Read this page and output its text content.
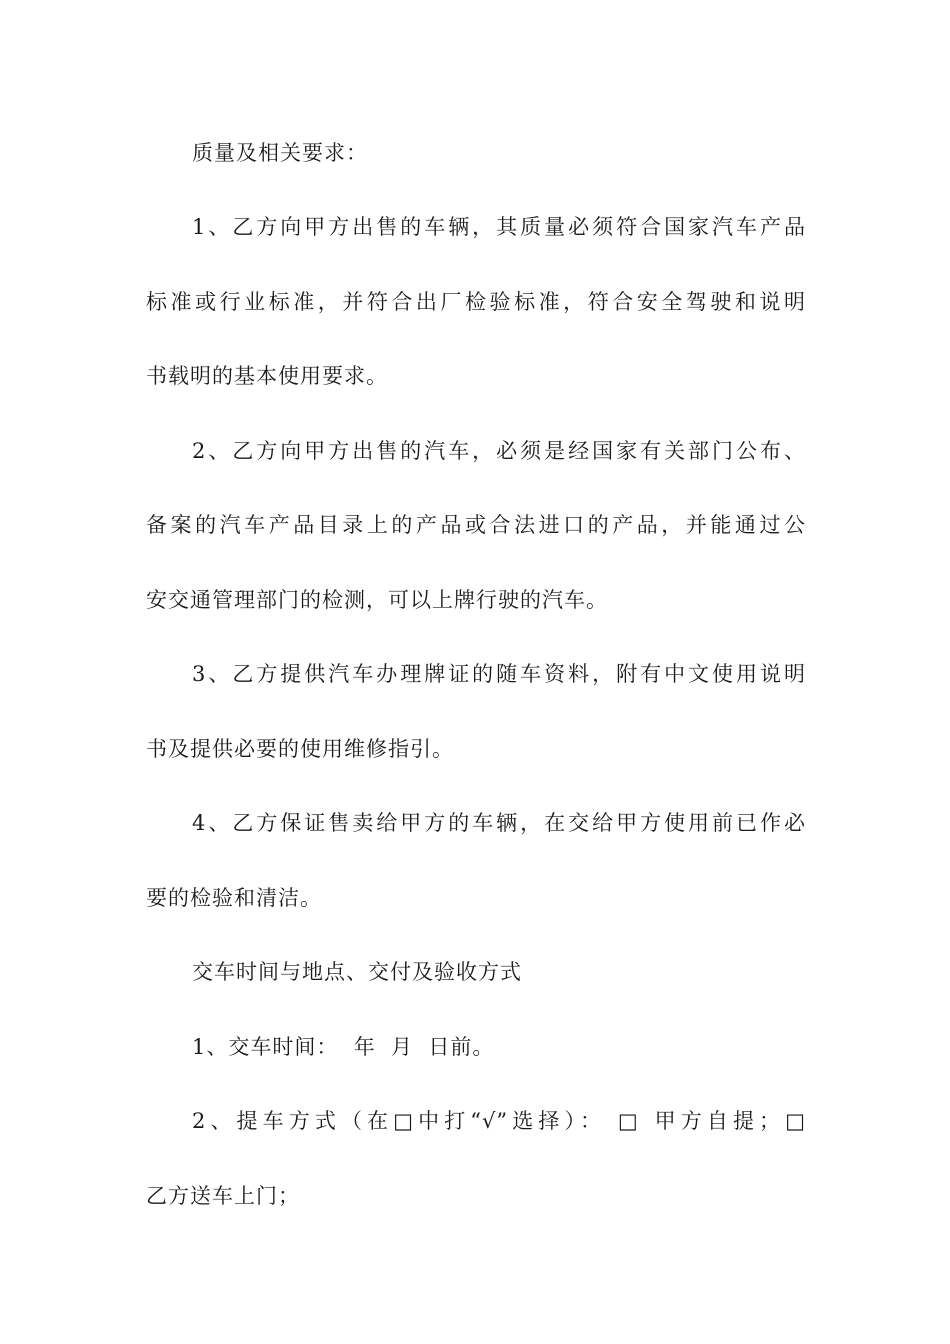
质量及相关要求：
1、乙方向甲方出售的车辆，其质量必须符合国家汽车产品
标准或行业标准，并符合出厂检验标准，符合安全驾驶和说明
书载明的基本使用要求。
2、乙方向甲方出售的汽车，必须是经国家有关部门公布、
备案的汽车产品目录上的产品或合法进口的产品，并能通过公
安交通管理部门的检测，可以上牌行驶的汽车。
3、乙方提供汽车办理牌证的随车资料，附有中文使用说明
书及提供必要的使用维修指引。
4、乙方保证售卖给甲方的车辆，在交给甲方使用前已作必
要的检验和清洁。
交车时间与地点、交付及验收方式
1、交车时间：  年  月  日前。
2、提车方式（在□中打“√”选择）： □ 甲方自提；□
乙方送车上门；
